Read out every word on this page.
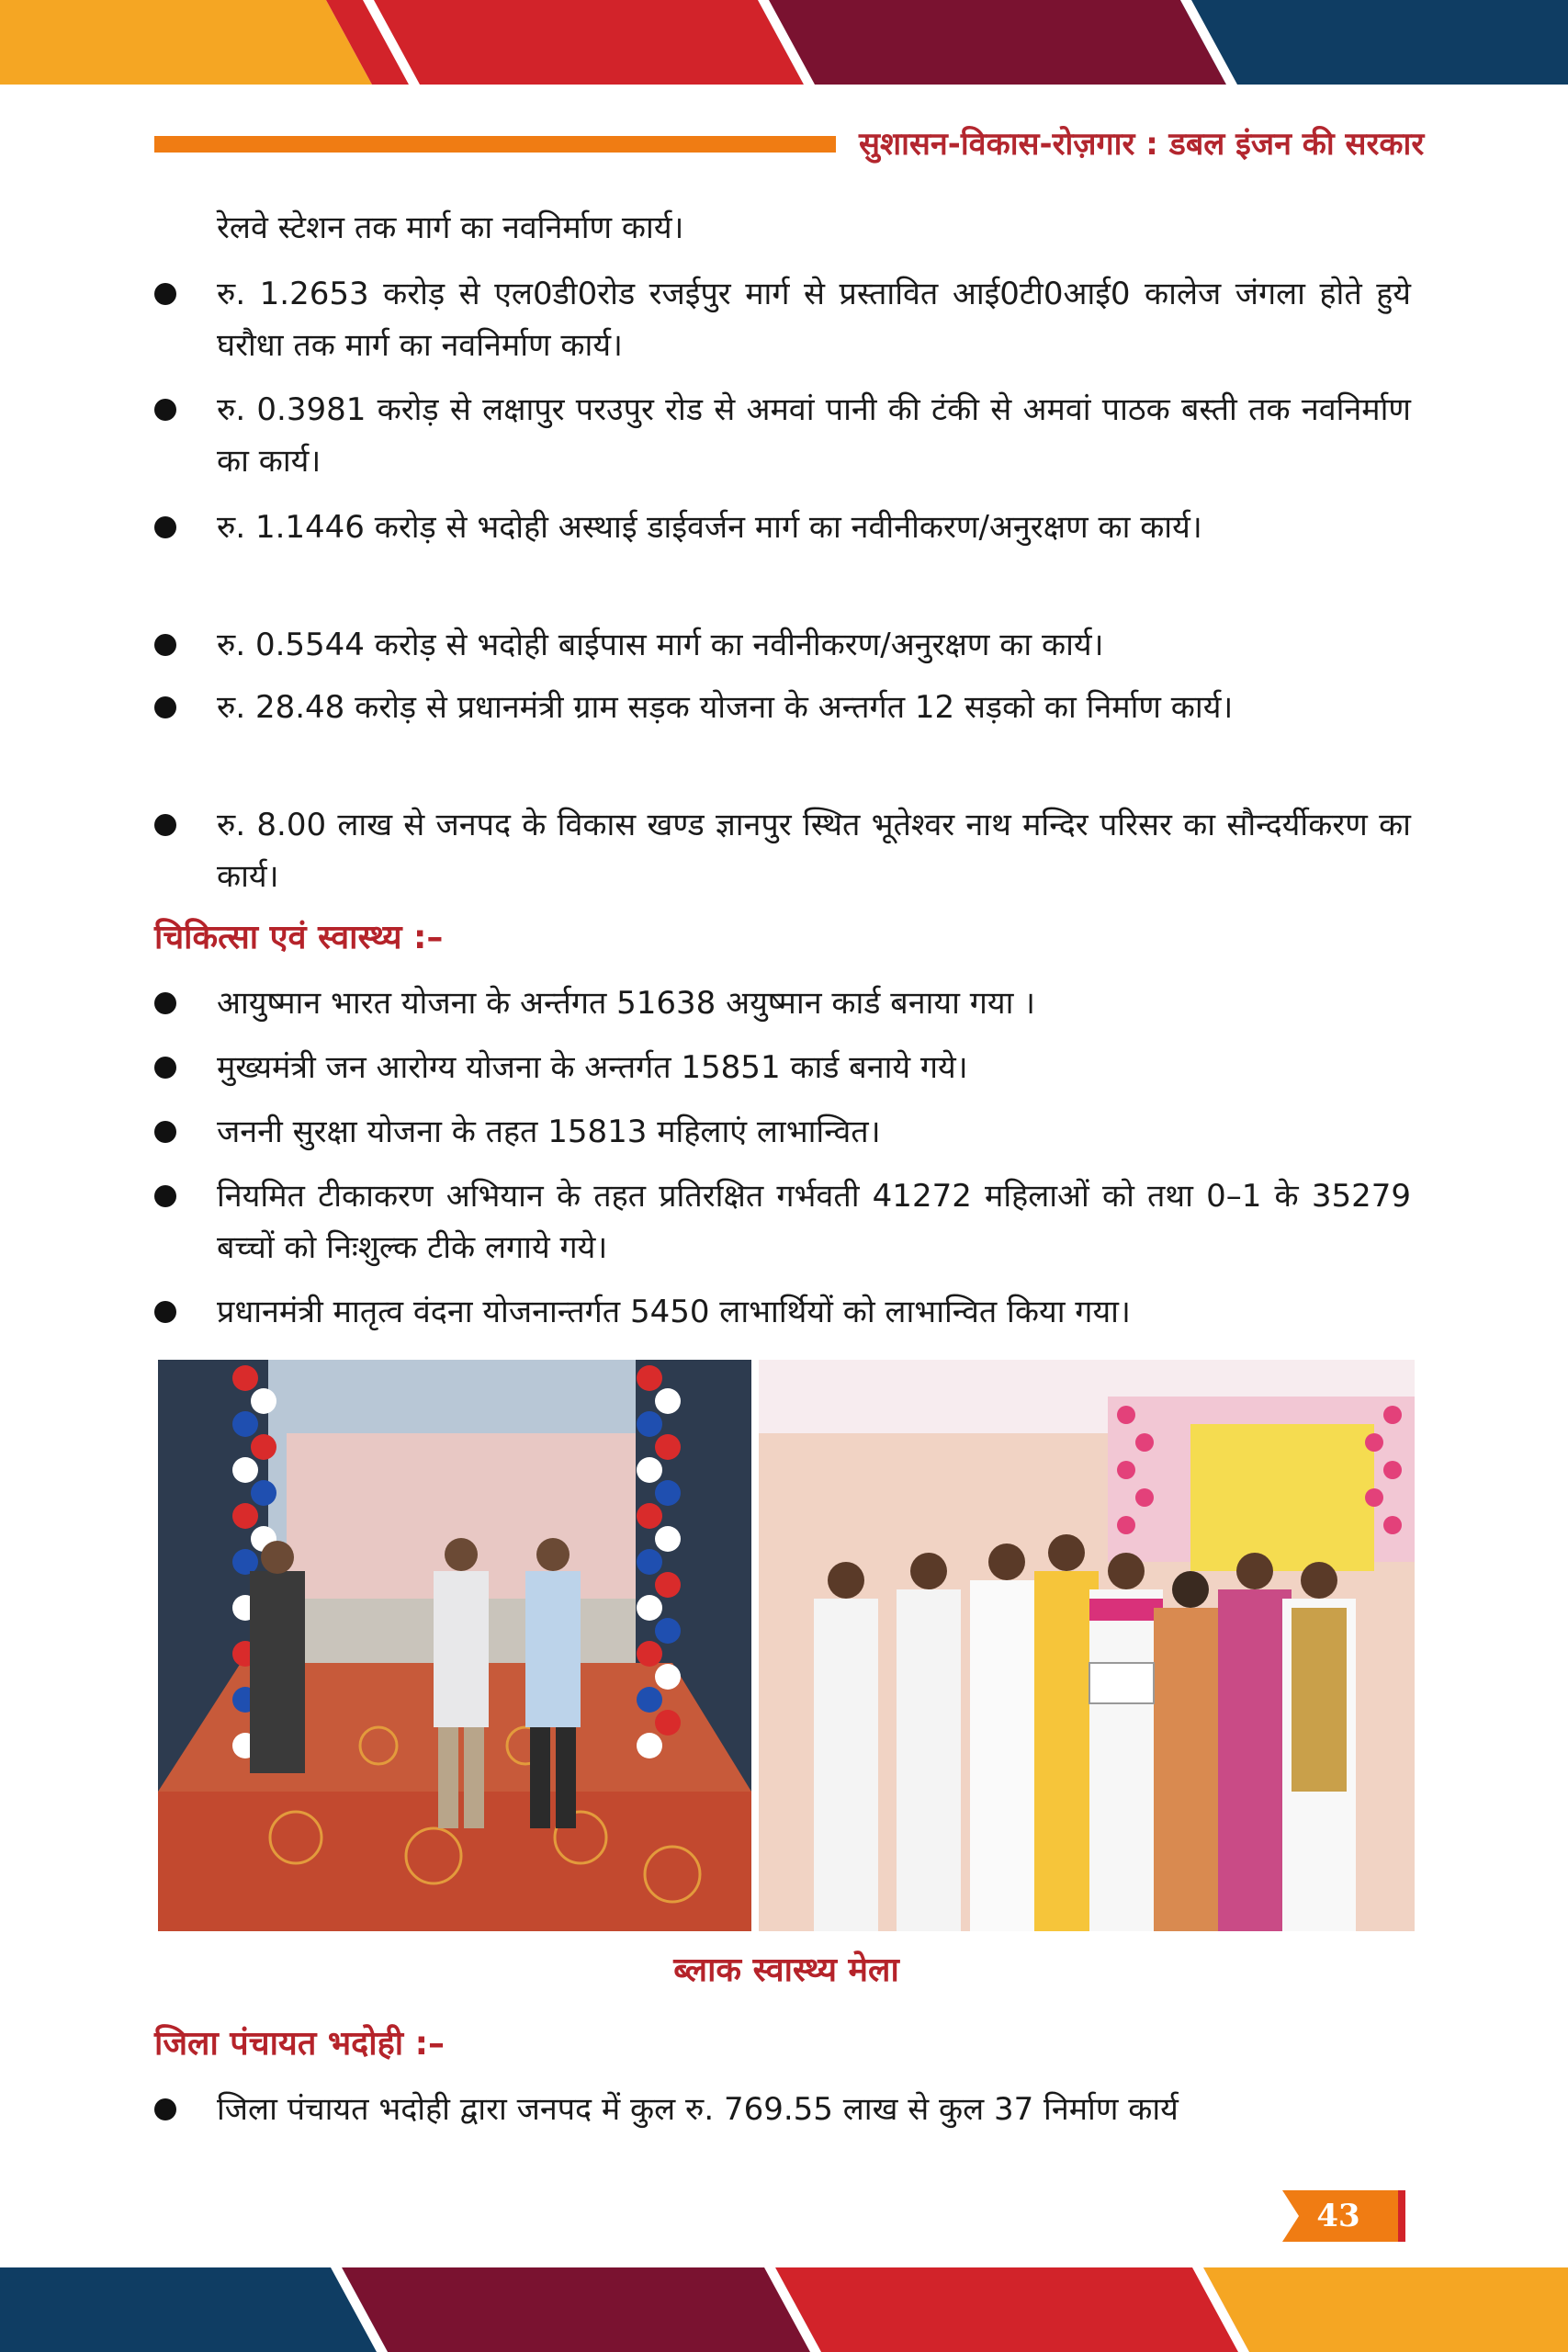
सुशासन-विकास-रोज़गार : डबल इंजन की सरकार
रेलवे स्टेशन तक मार्ग का नवनिर्माण कार्य।
रु. 1.2653 करोड़ से एल0डी0रोड रजईपुर मार्ग से प्रस्तावित आई0टी0आई0 कालेज जंगला होते हुये घरौधा तक मार्ग का नवनिर्माण कार्य।
रु. 0.3981 करोड़ से लक्षापुर परउपुर रोड से अमवां पानी की टंकी से अमवां पाठक बस्ती तक नवनिर्माण का कार्य।
रु. 1.1446 करोड़ से भदोही अस्थाई डाईवर्जन मार्ग का नवीनीकरण/अनुरक्षण का कार्य।
रु. 0.5544 करोड़ से भदोही बाईपास मार्ग का नवीनीकरण/अनुरक्षण का कार्य।
रु. 28.48 करोड़ से प्रधानमंत्री ग्राम सड़क योजना के अन्तर्गत 12 सड़को का निर्माण कार्य।
रु. 8.00 लाख से जनपद के विकास खण्ड ज्ञानपुर स्थित भूतेश्वर नाथ मन्दिर परिसर का सौन्दर्यीकरण का कार्य।
चिकित्सा एवं स्वास्थ्य :–
आयुष्मान भारत योजना के अर्न्तगत 51638 अयुष्मान कार्ड बनाया गया ।
मुख्यमंत्री जन आरोग्य योजना के अन्तर्गत 15851 कार्ड बनाये गये।
जननी सुरक्षा योजना के तहत 15813 महिलाएं लाभान्वित।
नियमित टीकाकरण अभियान के तहत प्रतिरक्षित गर्भवती 41272 महिलाओं को तथा 0–1 के 35279 बच्चों को निःशुल्क टीके लगाये गये।
प्रधानमंत्री मातृत्व वंदना योजनान्तर्गत 5450 लाभार्थियों को लाभान्वित किया गया।
ब्लाक स्वास्थ्य मेला
जिला पंचायत भदोही :–
जिला पंचायत भदोही द्वारा जनपद में कुल रु. 769.55 लाख से कुल 37 निर्माण कार्य
43
